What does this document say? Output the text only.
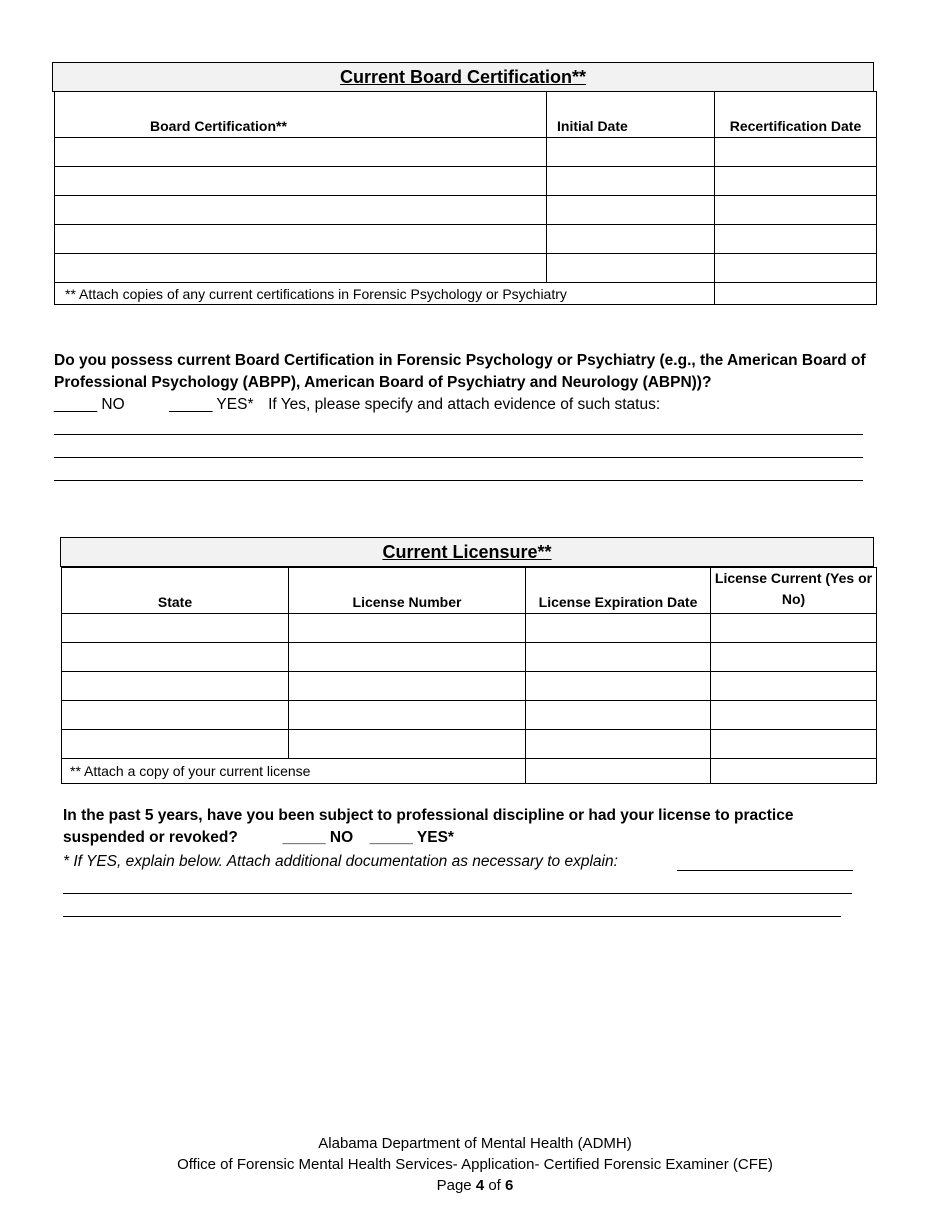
Current Board Certification**
Board Certification**	Initial Date	Recertification Date

** Attach copies of any current certifications in Forensic Psychology or Psychiatry		
Do you possess current Board Certification in Forensic Psychology or Psychiatry (e.g., the American Board of Professional Psychology (ABPP), American Board of Psychiatry and Neurology (ABPN))?
_____ NO	_____ YES* If Yes, please specify and attach evidence of such status:
Current Licensure**
State	License Number	License Expiration Date	License Current (Yes or No)

** Attach a copy of your current license			
In the past 5 years, have you been subject to professional discipline or had your license to practice suspended or revoked?	_____ NO _____ YES*
* If YES, explain below. Attach additional documentation as necessary to explain:
Alabama Department of Mental Health (ADMH)
Office of Forensic Mental Health Services- Application- Certified Forensic Examiner (CFE)
Page 4 of 6
